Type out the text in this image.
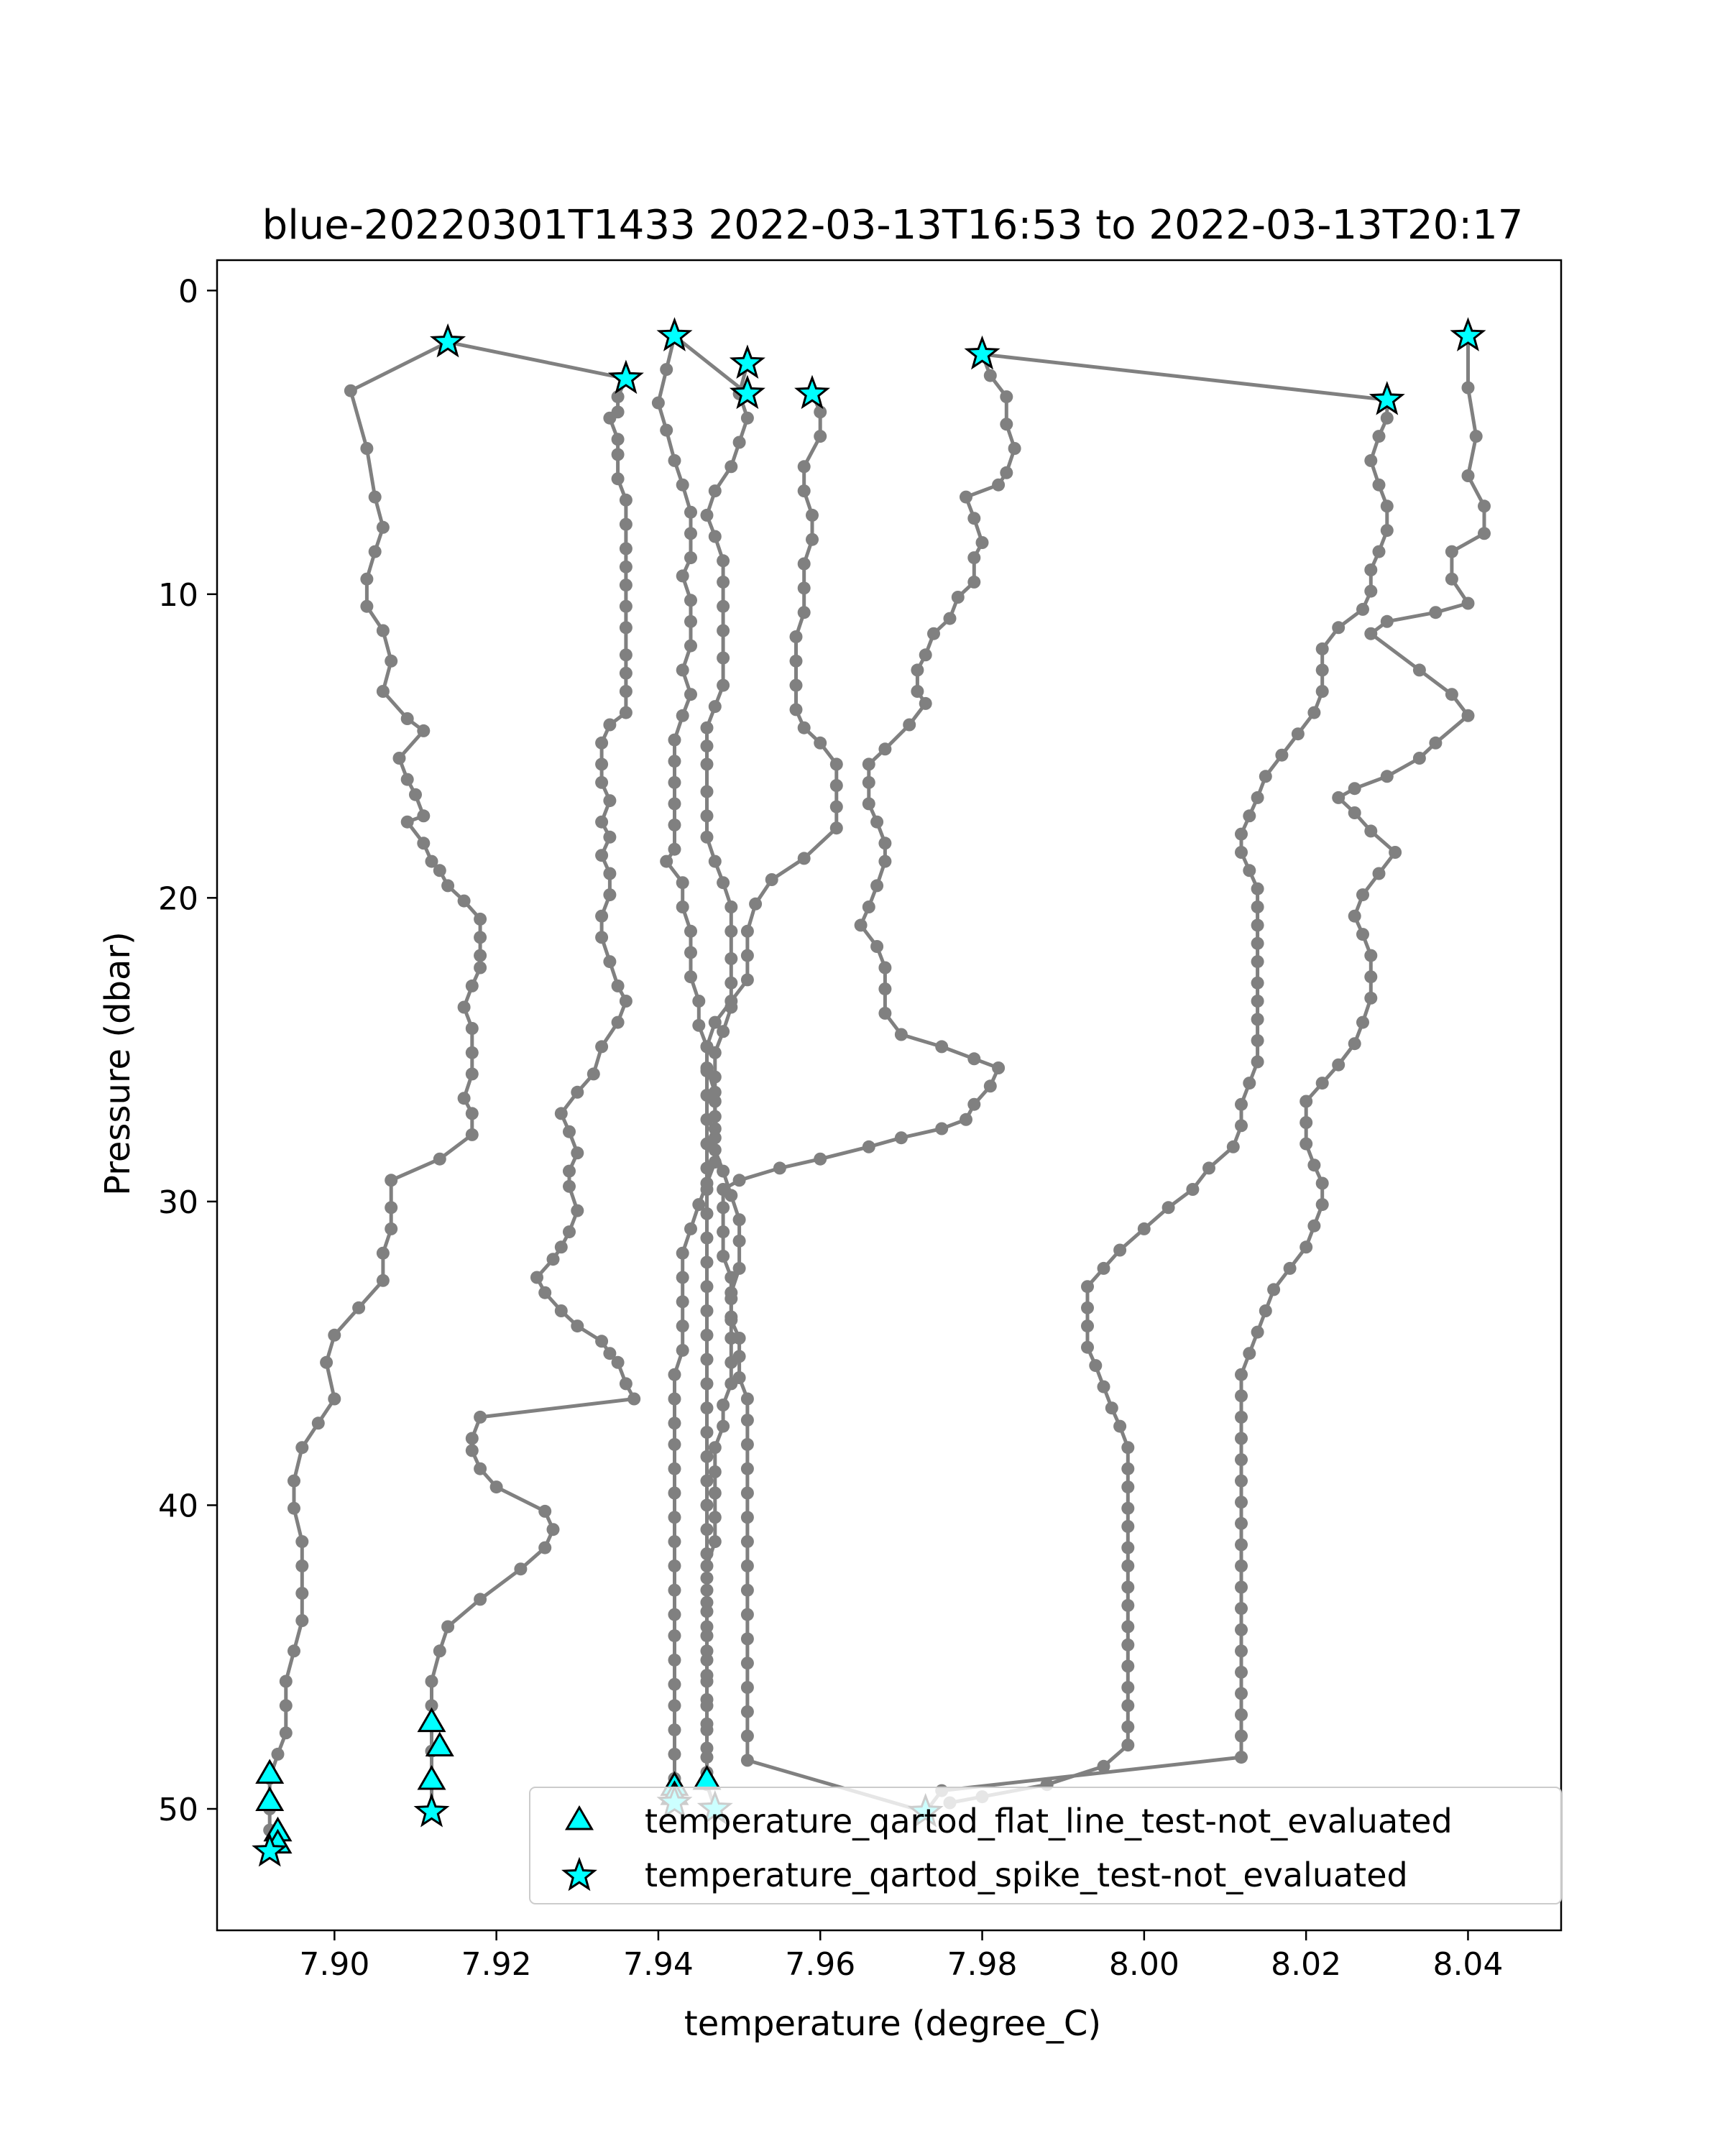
blue-20220301T1433 2022-03-13T16:53 to 2022-03-13T20:17
7.90	7.92	7.94	7.96	7.98	8.00	8.02	8.04
0
10
20
30
40
50
temperature (degree_C)
Pressure (dbar)
temperature_qartod_flat_line_test-not_evaluated
temperature_qartod_spike_test-not_evaluated
